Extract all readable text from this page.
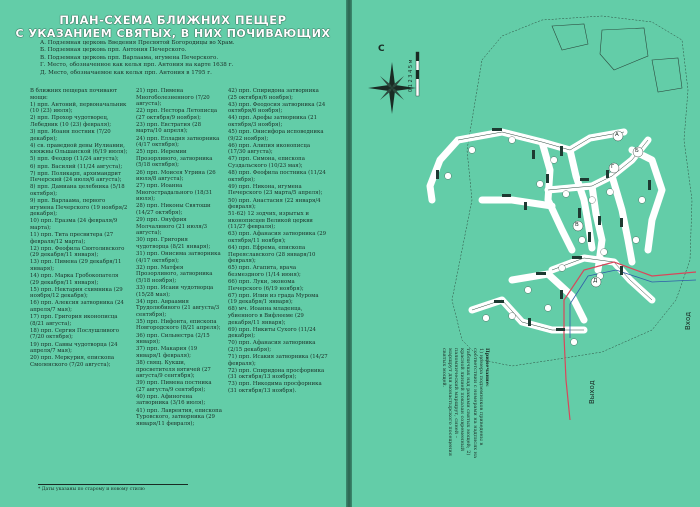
ПЛАН-СХЕМА БЛИЖНИХ ПЕЩЕР
С УКАЗАНИЕМ СВЯТЫХ, В НИХ ПОЧИВАЮЩИХ
А. Подземная церковь Введения Пресвятой Богородицы во Храм.
Б. Подземная церковь прп. Антония Печерского.
В. Подземная церковь прп. Варлаама, игумена Печерского.
Г. Место, обозначенное как келья прп. Антония на карте 1638 г.
Д. Место, обозначаемое как келья прп. Антония в 1795 г.

В ближних пещерах почивают мощи:

1) прп. Антоний, первоначальник (10 (23) июля);

2) прп. Прохор чудотворец, Лебедник (10 (23) февраля);

3) прп. Иоанн постник (7/20 декабря);

4) св. праведной девы Иулиании, княжны Ольшанской (6/19 июля);

5) прп. Феодор (11/24 августа);

6) прп. Василий (11/24 августа);

7) прп. Поликарп, архимандрит Печерский (24 июля/6 августа);

8) прп. Дамиана целебника (5/18 октября);

9) прп. Варлаама, первого игумена Печерского (19 ноября/2 декабря);

10) прп. Еразма (24 февраля/9 марта);

11) прп. Тита пресвитера (27 февраля/12 марта);

12) прп. Феофила Святоливского (29 декабря/11 января);

13) прп. Пимена (29 декабря/11 января);

14) прп. Марка Гробокопателя (29 декабря/11 января);

15) прп. Нектария схимника (29 ноября/12 декабря);

16) прп. Алексия затворника (24 апреля/7 мая);

17) прп. Григория иконописца (8/21 августа);

18) прп. Сергия Послушливого (7/20 октября);

19) прп. Саввы чудотворца (24 апреля/7 мая);

20) прп. Меркурия, епископа Смоленского (7/20 августа);

21) прп. Пимена Многоболезненного (7/20 августа);

22) прп. Нестора Летописца (27 октября/9 ноября);

23) прп. Евстратия (28 марта/10 апреля);

24) прп. Елладия затворника (4/17 октября);

25) прп. Иеремии Прозорливого, затворника (5/18 октября);

26) прп. Моисея Угрина (26 июля/8 августа);

27) прп. Иоанна Многострадального (18/31 июля);

28) прп. Никоны Святоши (14/27 октября);

29) прп. Онуфрия Молчаливого (21 июля/3 августа);

30) прп. Григория чудотворца (8/21 января);

31) прп. Онисима затворника (4/17 октября);

32) прп. Матфея Прозорливого, затворника (5/18 ноября);

33) прп. Исаии чудотворца (15/28 мая);

34) прп. Авраамия Трудолюбивого (21 августа/3 сентября);

35) прп. Нифонта, епископа Новгородского (8/21 апреля);

36) прп. Сильвестра (2/15 января);

37) прп. Макария (19 января/1 февраля);

38) свящ. Кукши, просветителя вятичей (27 августа/9 сентября);

39) прп. Пимена постника (27 августа/9 сентября);

40) прп. Афиногена затворника (3/16 июля);

41) прп. Лаврентия, епископа Туровского, затворника (29 января/11 февраля);

42) прп. Спиридона затворника (25 октября/6 ноября);

43) прп. Феодосия затворника (24 октября/6 ноября);

44) прп. Арефы затворника (21 октября/3 ноября);

45) прп. Онисифора исповедника (9/22 ноября);

46) прп. Алипия иконописца (17/30 августа);

47) прп. Симона, епископа Суздальского (10/23 мая);

48) прп. Феофила постника (11/24 октября);

49) прп. Никона, игумена Печерского (23 марта/5 апреля);

50) прп. Анастасия (22 января/4 февраля);

51-62) 12 зодчих, изрытых и иконописцев Великой церкви (11/27 февраля);

63) прп. Афанасия затворника (29 октября/11 ноября);

64) прп. Ефрема, епископа Переяславского (28 января/10 февраля);

65) прп. Агапита, врача безмездного (1/14 июня);

66) прп. Луки, эконома Печерского (6/19 ноября);

67) прп. Илии из града Мурома (19 декабря/1 января);

68) мч. Иоанна младенца, убиенного в Вифлееме (29 декабря/11 января);

69) прп. Никиты Сухого (11/24 декабря);

70) прп. Афанасия затворника (2/15 декабря);

71) прп. Исакия затворника (14/27 февраля);

72) прп. Спиридона просфорника (31 октября/13 ноября);

73) прп. Никодима просфорника (31 октября/13 ноября).

* Даты указаны по старому и новому стилю
С
0 1 2 3 4 5 м
Вход
Выход
А
Б
В
Г
Д
Примечание:
1) номера подземников приведены в соответствии с номерами на надписях на табличках над раками святых мощей; 2) красной линией показан современный паломнический маршрут, синей – маршрут для монастырского посещения святых мощей.
